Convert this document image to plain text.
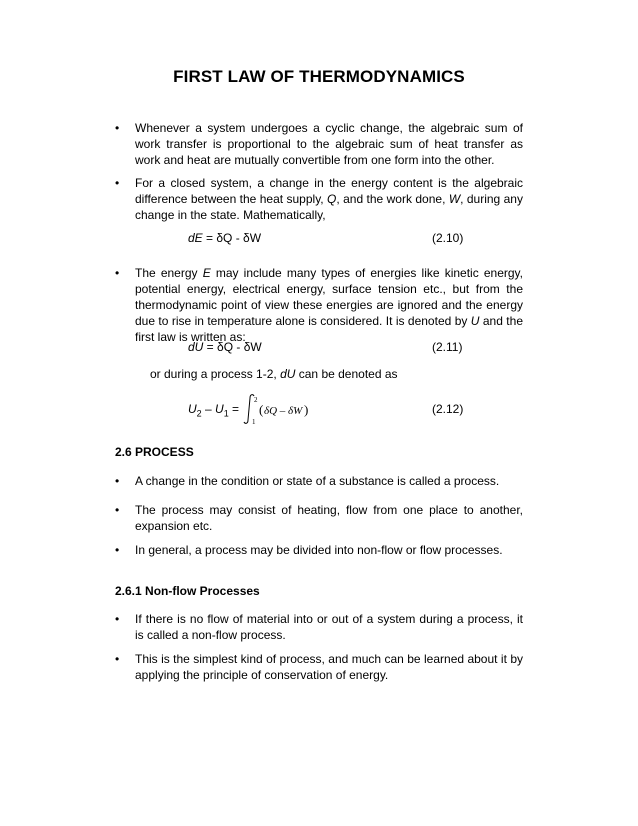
FIRST LAW OF THERMODYNAMICS
• Whenever a system undergoes a cyclic change, the algebraic sum of work transfer is proportional to the algebraic sum of heat transfer as work and heat are mutually convertible from one form into the other.
• For a closed system, a change in the energy content is the algebraic difference between the heat supply, Q, and the work done, W, during any change in the state. Mathematically,
dE = δQ - δW	(2.10)
• The energy E may include many types of energies like kinetic energy, potential energy, electrical energy, surface tension etc., but from the thermodynamic point of view these energies are ignored and the energy due to rise in temperature alone is considered. It is denoted by U and the first law is written as:
dU = δQ - δW	(2.11)
or during a process 1-2, dU can be denoted as
$U_2 - U_1$ =
2
1
( δQ – δW )	(2.12)
2.6 PROCESS
• A change in the condition or state of a substance is called a process.
• The process may consist of heating, flow from one place to another, expansion etc.
• In general, a process may be divided into non-flow or flow processes.
2.6.1 Non-flow Processes
• If there is no flow of material into or out of a system during a process, it is called a non-flow process.
• This is the simplest kind of process, and much can be learned about it by applying the principle of conservation of energy.
